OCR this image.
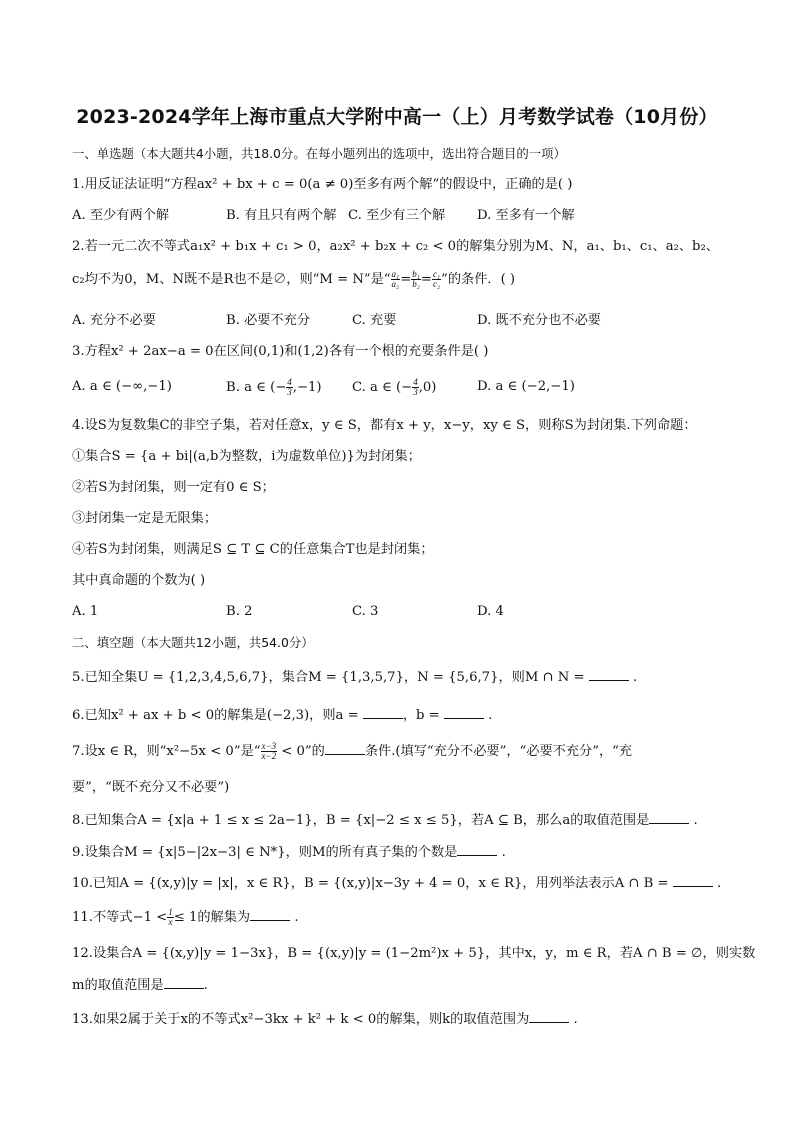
2023-2024学年上海市重点大学附中高一（上）月考数学试卷（10月份）
一、单选题（本大题共4小题，共18.0分。在每小题列出的选项中，选出符合题目的一项）
1.用反证法证明“方程ax² + bx + c = 0(a ≠ 0)至多有两个解”的假设中，正确的是( )
A. 至少有两个解	B. 有且只有两个解 C. 至少有三个解 D. 至多有一个解
2.若一元二次不等式a₁x² + b₁x + c₁ > 0，a₂x² + b₂x + c₂ < 0的解集分别为M、N，a₁、b₁、c₁、a₂、b₂、
c₂均不为0，M、N既不是R也不是∅，则“M = N”是“ $\frac{\text{a₁}}{\text{a₂}} = \frac{\text{b₁}}{\text{b₂}} = \frac{\text{c₁}}{\text{c₂}}$ ”的条件．( )
A. 充分不必要	B. 必要不充分	C. 充要	D. 既不充分也不必要
3.方程x² + 2ax−a = 0在区间(0,1)和(1,2)各有一个根的充要条件是( )
A. a ∈ (−∞,−1)	B. a ∈ (− $\frac{4}{3} ,-1$) C. a ∈ (− $\frac{4}{3} ,0$)	D. a ∈ (−2,−1)
4.设S为复数集C的非空子集，若对任意x，y ∈ S，都有x + y，x−y，xy ∈ S，则称S为封闭集.下列命题：
①集合S = {a + bi|(a,b为整数，i为虚数单位)}为封闭集；
②若S为封闭集，则一定有0 ∈ S；
③封闭集一定是无限集；
④若S为封闭集，则满足S ⊆ T ⊆ C的任意集合T也是封闭集；
其中真命题的个数为( )
A. 1	B. 2	C. 3	D. 4
二、填空题（本大题共12小题，共54.0分）
5.已知全集U = {1,2,3,4,5,6,7}，集合M = {1,3,5,7}，N = {5,6,7}，则M ∩ N =	.
6.已知x² + ax + b < 0的解集是(−2,3)，则a =	，b =	.
7.设x ∈ R，则“x²−5x < 0”是“ $\frac{x-3}{x-2} < 0$”的	条件.(填写“充分不必要”，“必要不充分”，“充
要”，“既不充分又不必要”)
8.已知集合A = {x|a + 1 ≤ x ≤ 2a−1}，B = {x|−2 ≤ x ≤ 5}，若A ⊆ B，那么a的取值范围是	.
9.设集合M = {x|5−|2x−3| ∈ N*}，则M的所有真子集的个数是	.
10.已知A = {(x,y)|y = |x|，x ∈ R}，B = {(x,y)|x−3y + 4 = 0，x ∈ R}，用列举法表示A ∩ B =	.
11.不等式$-1 < \frac{1}{x} \le 1$的解集为	.
12.设集合A = {(x,y)|y = 1−3x}，B = {(x,y)|y = (1−2m²)x + 5}，其中x，y，m ∈ R，若A ∩ B = ∅，则实数
m的取值范围是	.
13.如果2属于关于x的不等式x²−3kx + k² + k < 0的解集，则k的取值范围为	.
